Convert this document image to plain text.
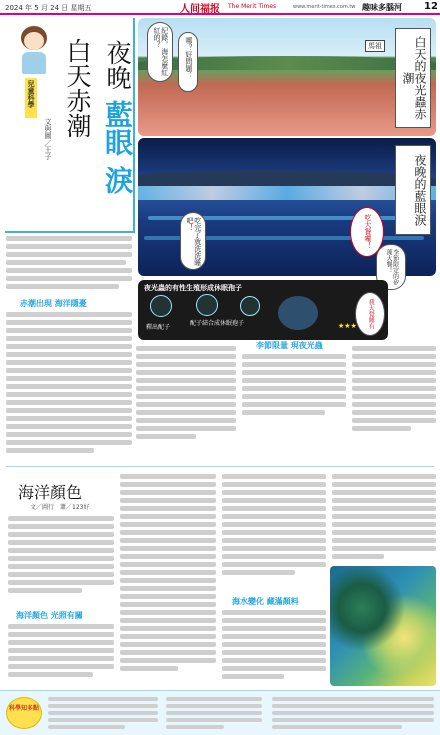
2024 年 5 月 24 日 星期五	人间福报 The Merit Times	www.merit-times.com.tw 趣味多腦河 12
兒童科學
文與圖／王子
白天赤潮 夜晚
藍眼
淚
馬祖
紀錄，海怎麼紅紅的？	哪？好問題：	白天的夜光蟲赤潮
夜晚的藍眼淚
吃完了就洗洗睡吧！	吃大餐囉！
李節限定的矽藻大餐！
夜光蟲的有性生殖形成休眠孢子
釋出配子
配子結合成休眠孢子	★★★ 我大覺睡有
赤潮出現 海洋隱憂
李節限量 現夜光蟲
海洋顏色
文／圖行　蕭／123好
海洋顏色 光照有關
海水變化 藏滿顏料
科學知多點
